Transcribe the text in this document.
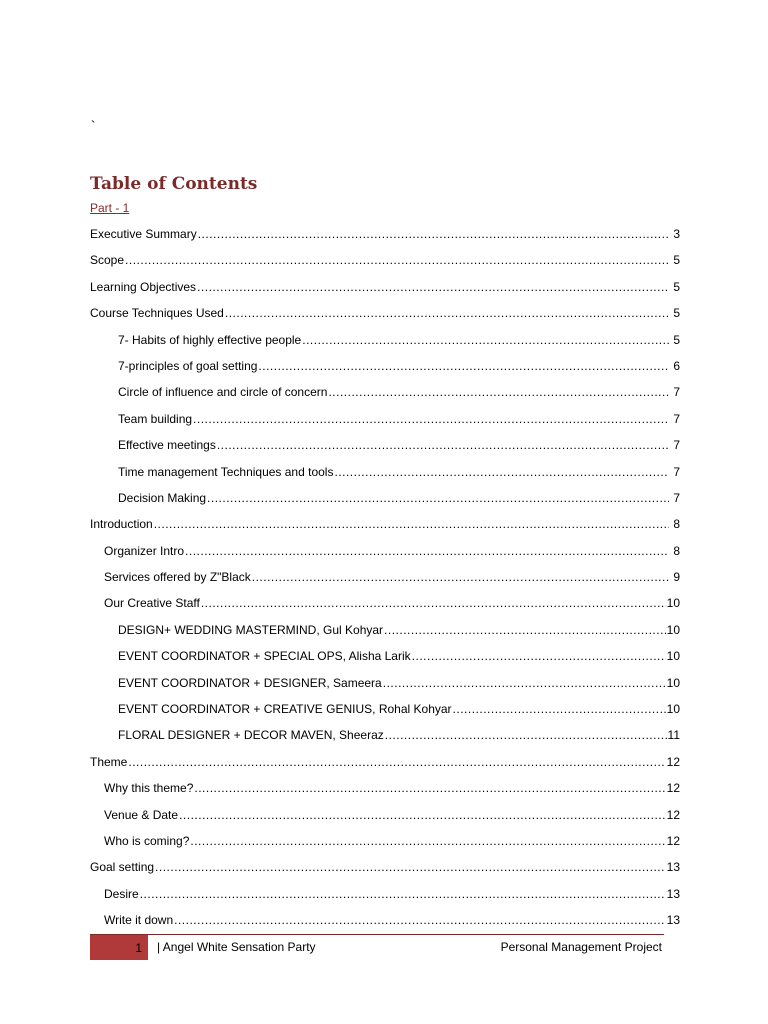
`
Table of Contents
Part - 1
Executive Summary .....	3
Scope .....	5
Learning Objectives .....	5
Course Techniques Used .....	5
7- Habits of highly effective people .....	5
7-principles of goal setting .....	6
Circle of influence and circle of concern .....	7
Team building .....	7
Effective meetings .....	7
Time management Techniques and tools .....	7
Decision Making .....	7
Introduction .....	8
Organizer Intro .....	8
Services offered by Z"Black .....	9
Our Creative Staff .....	10
DESIGN+ WEDDING MASTERMIND, Gul Kohyar .....	10
EVENT COORDINATOR + SPECIAL OPS, Alisha Larik .....	10
EVENT COORDINATOR + DESIGNER, Sameera .....	10
EVENT COORDINATOR + CREATIVE GENIUS, Rohal Kohyar .....	10
FLORAL DESIGNER + DECOR MAVEN, Sheeraz .....	11
Theme .....	12
Why this theme? .....	12
Venue & Date .....	12
Who is coming? .....	12
Goal setting .....	13
Desire .....	13
Write it down .....	13
1 | Angel White Sensation Party	Personal Management Project
